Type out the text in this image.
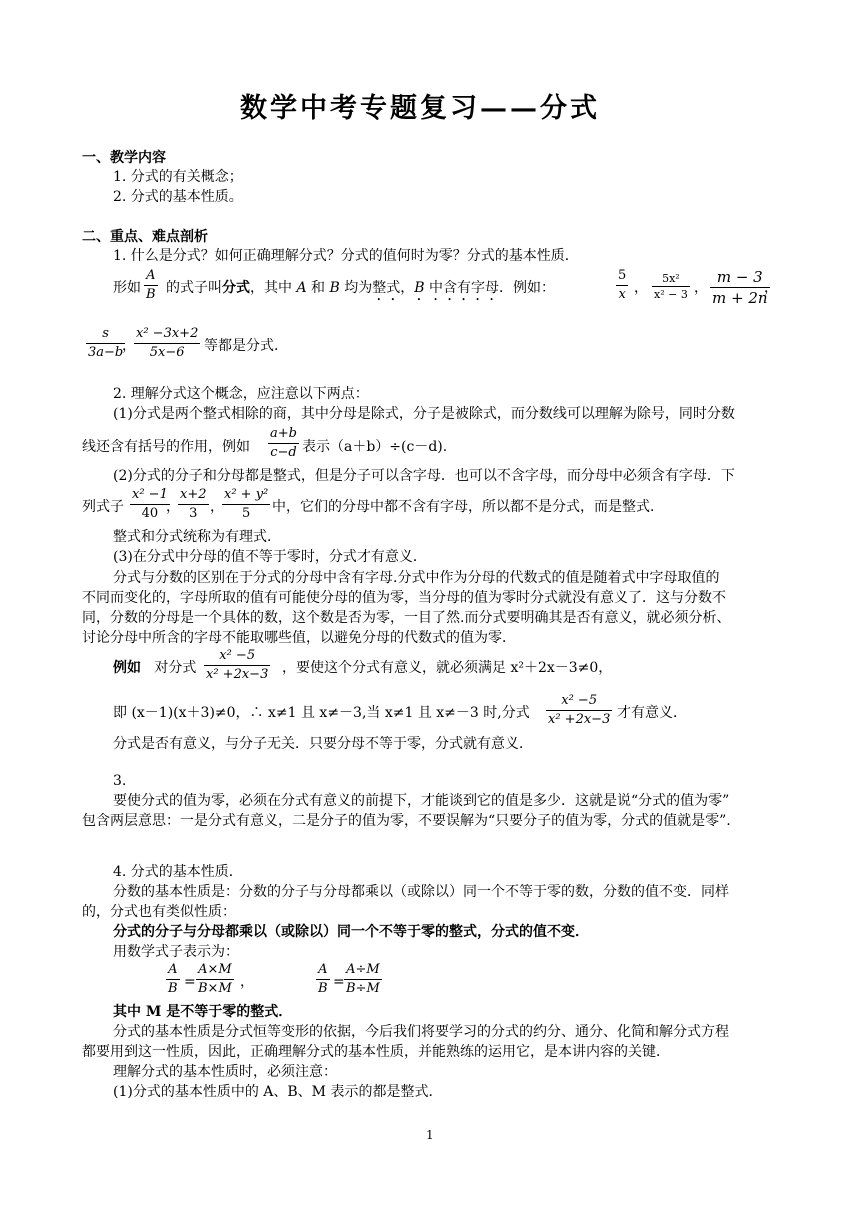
数学中考专题复习——分式
一、教学内容
1. 分式的有关概念；
2. 分式的基本性质。
二、重点、难点剖析
1. 什么是分式？如何正确理解分式？分式的值何时为零？分式的基本性质．
形如 $\frac{A}{B}$ 的式子叫分式，其中 A 和 B 均为整式，B 中含有字母．例如：	$\frac{5}{x}$ ， $\frac{\text{5x²}}{\text{x² − 3}}$ ， $\frac{m - 3}{m + 2n}$
，
$\frac{s}{3a-b}$
，
$\frac{\text{x² −3x+2}}{5x-6}$ 等都是分式．
2. 理解分式这个概念，应注意以下两点：
(1)分式是两个整式相除的商，其中分母是除式，分子是被除式，而分数线可以理解为除号，同时分数
线还含有括号的作用，例如 $\frac{a+b}{c-d}$ 表示（a＋b）÷(c－d).
(2)分式的分子和分母都是整式，但是分子可以含字母．也可以不含字母，而分母中必须含有字母．下
列式子 $\frac{\text{x² −1}}{40}$
，
$\frac{x+2}{3}$ ，
$\frac{\text{x² + y²}}{5}$ 中，它们的分母中都不含有字母，所以都不是分式，而是整式．
整式和分式统称为有理式．
(3)在分式中分母的值不等于零时，分式才有意义．
分式与分数的区别在于分式的分母中含有字母.分式中作为分母的代数式的值是随着式中字母取值的
不同而变化的，字母所取的值有可能使分母的值为零，当分母的值为零时分式就没有意义了．这与分数不
同，分数的分母是一个具体的数，这个数是否为零，一目了然.而分式要明确其是否有意义，就必须分析、
讨论分母中所含的字母不能取哪些值，以避免分母的代数式的值为零．
例如 对分式 $\frac{\text{x² −5}}{\text{x² +2x−3}}$ ，要使这个分式有意义，就必须满足 x²＋2x－3≠0，
即 (x－1)(x＋3)≠0，∴ x≠1 且 x≠－3,当 x≠1 且 x≠－3 时,分式 $\frac{\text{x² −5}}{\text{x² +2x−3}}$ 才有意义．
分式是否有意义，与分子无关．只要分母不等于零，分式就有意义．
3.
要使分式的值为零，必须在分式有意义的前提下，才能谈到它的值是多少．这就是说“分式的值为零”
包含两层意思：一是分式有意义，二是分子的值为零，不要误解为“只要分子的值为零，分式的值就是零”.
4. 分式的基本性质．
分数的基本性质是：分数的分子与分母都乘以（或除以）同一个不等于零的数，分数的值不变．同样
的，分式也有类似性质：
分式的分子与分母都乘以（或除以）同一个不等于零的整式，分式的值不变．
用数学式子表示为：
$\frac{A}{B} = \frac{A\times M}{B\times M}$ ，	$\frac{A}{B} = \frac{A\div M}{B\div M}$
其中 M 是不等于零的整式．
分式的基本性质是分式恒等变形的依据，今后我们将要学习的分式的约分、通分、化简和解分式方程
都要用到这一性质，因此，正确理解分式的基本性质，并能熟练的运用它，是本讲内容的关键．
理解分式的基本性质时，必须注意：
(1)分式的基本性质中的 A、B、M 表示的都是整式．
1
